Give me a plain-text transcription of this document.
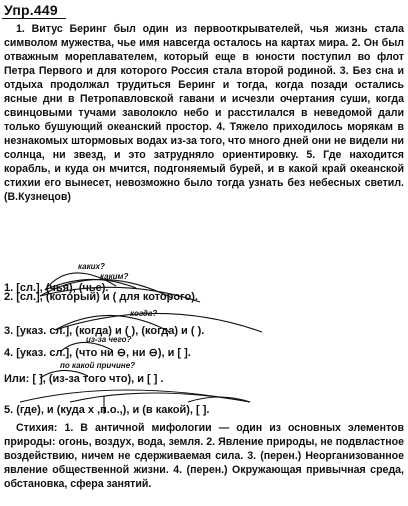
Упр.449

1. Витус Беринг был один из первооткрывателей, чья жизнь стала символом мужества, чье имя навсегда осталось на картах мира. 2. Он был отважным мореплавателем, который еще в юности поступил во флот Петра Первого и для которого Россия стала второй родиной. 3. Без сна и отдыха продолжал трудиться Беринг и тогда, когда позади остались ясные дни в Петропавловской гавани и исчезли очертания суши, когда свинцовыми тучами заволокло небо и расстилался в неведомой дали только бушующий океанский простор. 4. Тяжело приходилось морякам в незнакомых штормовых водах из-за того, что много дней они не видели ни солнца, ни звезд, и это затрудняло ориентировку. 5. Где находится корабль, и куда он мчится, подгоняемый бурей, и в какой край океанской стихии его вынесет, невозможно было тогда узнать без небесных светил. (В.Кузнецов)

каких?
1. [сл.], (чья), (чье).
каким?
2. [сл.], (который) и ( для которого).
когда?
3. [указ. сл.], (когда) и ( ), (когда) и ( ).
из-за чего?
4. [указ. сл.], (что ни ⊖, ни ⊖), и [ ].
по какой причине?
Или: [ ], (из-за того что), и [ ] .
5. (где), и (куда x ,п.о.,), и (в какой), [ ].

Стихия: 1. В античной мифологии — один из основных элементов природы: огонь, воздух, вода, земля. 2. Явление природы, не подвластное воздействию, ничем не сдерживаемая сила. 3. (перен.) Неорганизованное явление общественной жизни. 4. (перен.) Окружающая привычная среда, обстановка, сфера занятий.
